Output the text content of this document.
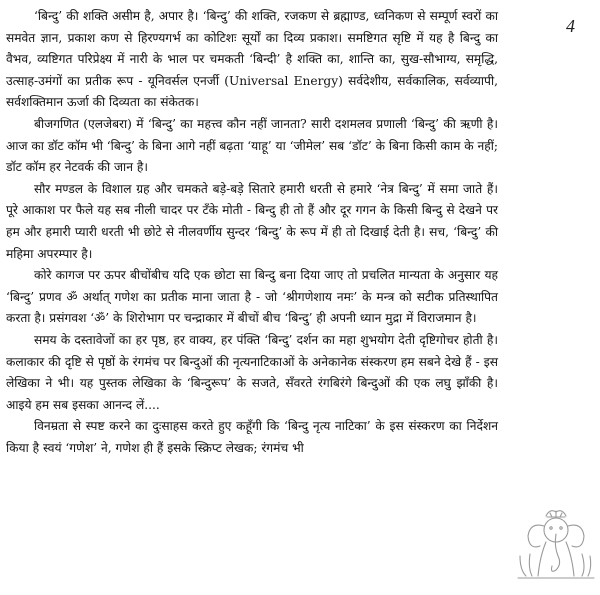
4

‘बिन्दु’ की शक्ति असीम है, अपार है। ‘बिन्दु’ की शक्ति, रजकण से ब्रह्माण्ड, ध्वनिकण से सम्पूर्ण स्वरों का समवेत ज्ञान, प्रकाश कण से हिरण्यगर्भ का कोटिशः सूर्यों का दिव्य प्रकाश। समष्टिगत सृष्टि में यह है बिन्दु का वैभव, व्यष्टिगत परिप्रेक्ष्य में नारी के भाल पर चमकती ‘बिन्दी’ है शक्ति का, शान्ति का, सुख-सौभाग्य, समृद्धि, उत्साह-उमंगों का प्रतीक रूप - यूनिवर्सल एनर्जी (Universal Energy) सर्वदेशीय, सर्वकालिक, सर्वव्यापी, सर्वशक्तिमान ऊर्जा की दिव्यता का संकेतक।

बीजगणित (एलजेबरा) में ‘बिन्दु’ का महत्त्व कौन नहीं जानता? सारी दशमलव प्रणाली ‘बिन्दु’ की ऋणी है। आज का डॉट कॉम भी ‘बिन्दु’ के बिना आगे नहीं बढ़ता ‘याहू’ या ‘जीमेल’ सब ‘डॉट’ के बिना किसी काम के नहीं; डॉट कॉम हर नेटवर्क की जान है।

सौर मण्डल के विशाल ग्रह और चमकते बड़े-बड़े सितारे हमारी धरती से हमारे ‘नेत्र बिन्दु’ में समा जाते हैं। पूरे आकाश पर फैले यह सब नीली चादर पर टँके मोती - बिन्दु ही तो हैं और दूर गगन के किसी बिन्दु से देखने पर हम और हमारी प्यारी धरती भी छोटे से नीलवर्णीय सुन्दर ‘बिन्दु’ के रूप में ही तो दिखाई देती है। सच, ‘बिन्दु’ की महिमा अपरम्पार है।

कोरे कागज पर ऊपर बीचोंबीच यदि एक छोटा सा बिन्दु बना दिया जाए तो प्रचलित मान्यता के अनुसार यह ‘बिन्दु’ प्रणव ॐ अर्थात् गणेश का प्रतीक माना जाता है - जो ‘श्रीगणेशाय नमः’ के मन्त्र को सटीक प्रतिस्थापित करता है। प्रसंगवश ‘ॐ’ के शिरोभाग पर चन्द्राकार में बीचों बीच ‘बिन्दु’ ही अपनी ध्यान मुद्रा में विराजमान है।

समय के दस्तावेजों का हर पृष्ठ, हर वाक्य, हर पंक्ति ‘बिन्दु’ दर्शन का महा शुभयोग देती दृष्टिगोचर होती है। कलाकार की दृष्टि से पृष्ठों के रंगमंच पर बिन्दुओं की नृत्यनाटिकाओं के अनेकानेक संस्करण हम सबने देखे हैं - इस लेखिका ने भी। यह पुस्तक लेखिका के ‘बिन्दुरूप’ के सजते, सँवरते रंगबिरंगे बिन्दुओं की एक लघु झाँकी है। आइये हम सब इसका आनन्द लें....

विनम्रता से स्पष्ट करने का दुःसाहस करते हुए कहूँगी कि ‘बिन्दु नृत्य नाटिका’ के इस संस्करण का निर्देशन किया है स्वयं ‘गणेश’ ने, गणेश ही हैं इसके स्क्रिप्ट लेखक; रंगमंच भी
